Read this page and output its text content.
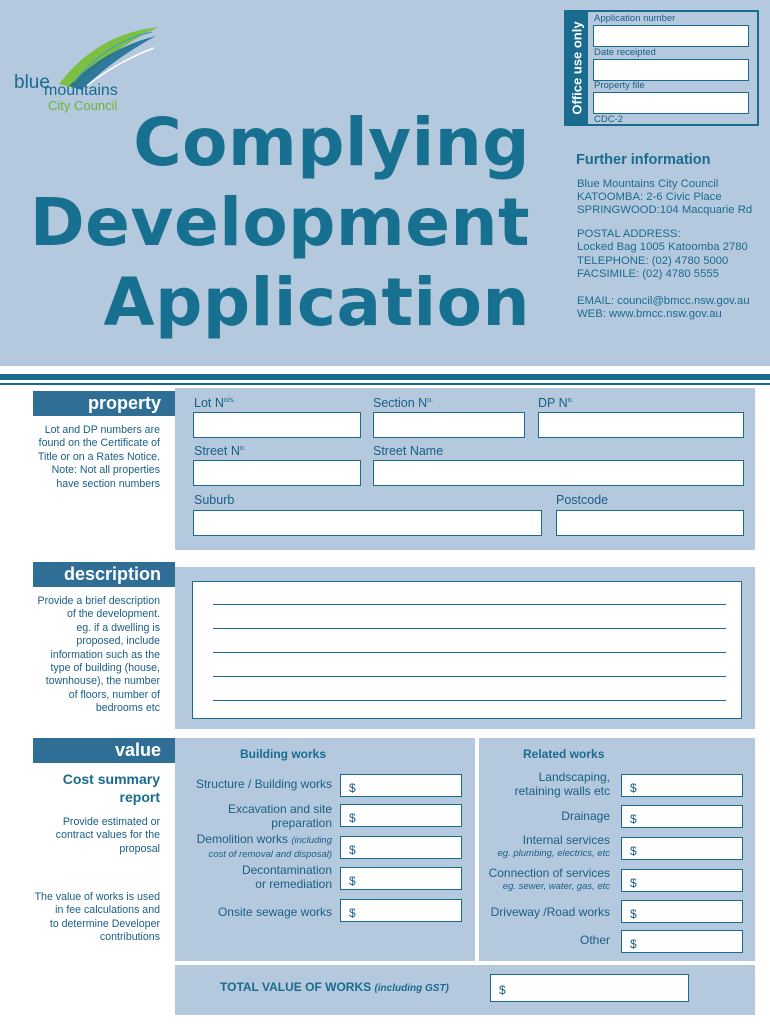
blue
mountains
City Council Complying
Development
Application
Office use only
Application number
Date receipted
Property file
CDC-2
Further information
Blue Mountains City Council
KATOOMBA: 2-6 Civic Place
SPRINGWOOD:104 Macquarie Rd
POSTAL ADDRESS:
Locked Bag 1005 Katoomba 2780
TELEPHONE: (02) 4780 5000
FACSIMILE: (02) 4780 5555
EMAIL: council@bmcc.nsw.gov.au
WEB: www.bmcc.nsw.gov.au
property
Lot and DP numbers are
found on the Certificate of
Title or on a Rates Notice.
Note: Not all properties
have section numbers
Lot $N^{o/s.}$	Section $N^{o.}$	DP $N^{o.}$
Street $N^{o.}$	Street Name
Suburb	Postcode
description
Provide a brief description
of the development.
eg. if a dwelling is
proposed, include
information such as the
type of building (house,
townhouse), the number
of floors, number of
bedrooms etc
value
Cost summary
report
Provide estimated or
contract values for the
proposal
The value of works is used
in fee calculations and
to determine Developer
contributions
Building works
Structure / Building works $
Excavation and site
preparation $
Demolition works (including
cost of removal and disposal) $
Decontamination
or remediation $
Onsite sewage works $
Related works
Landscaping,
retaining walls etc $
Drainage $
Internal services
eg. plumbing, electrics, etc $
Connection of services
eg. sewer, water, gas, etc $
Driveway /Road works $
Other $
TOTAL VALUE OF WORKS (including GST)	$
